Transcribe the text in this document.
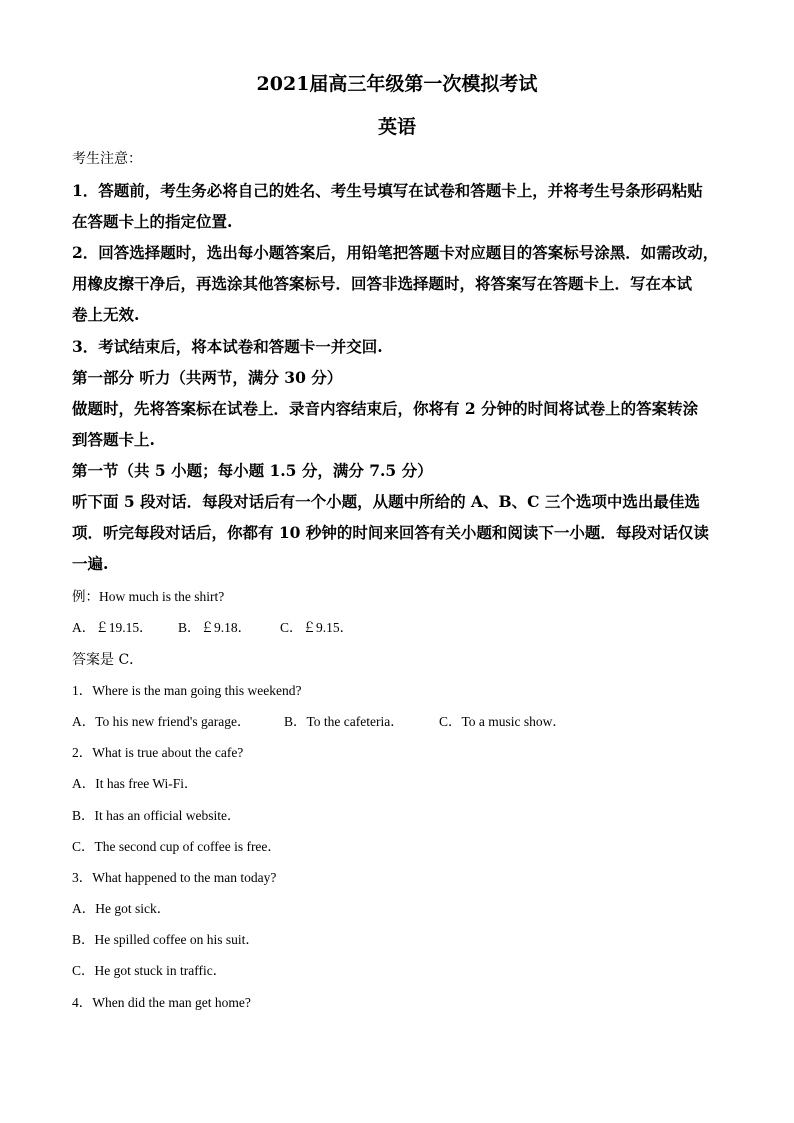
2021届高三年级第一次模拟考试
英语
考生注意：
1．答题前，考生务必将自己的姓名、考生号填写在试卷和答题卡上，并将考生号条形码粘贴
在答题卡上的指定位置.
2．回答选择题时，选出每小题答案后，用铅笔把答题卡对应题目的答案标号涂黑．如需改动，
用橡皮擦干净后，再选涂其他答案标号．回答非选择题时，将答案写在答题卡上．写在本试
卷上无效.
3．考试结束后，将本试卷和答题卡一并交回.
第一部分 听力（共两节，满分 30 分）
做题时，先将答案标在试卷上．录音内容结束后，你将有 2 分钟的时间将试卷上的答案转涂
到答题卡上.
第一节（共 5 小题；每小题 1.5 分，满分 7.5 分）
听下面 5 段对话．每段对话后有一个小题，从题中所给的 A、B、C 三个选项中选出最佳选
项．听完每段对话后，你都有 10 秒钟的时间来回答有关小题和阅读下一小题．每段对话仅读
一遍.
例：How much is the shirt?
A．￡19.15． B．￡9.18． C．￡9.15．
答案是 C．
1．Where is the man going this weekend?
A．To his new friend's garage． B．To the cafeteria．	C．To a music show．
2．What is true about the cafe?
A．It has free Wi-Fi．
B．It has an official website．
C．The second cup of coffee is free．
3．What happened to the man today?
A．He got sick．
B．He spilled coffee on his suit．
C．He got stuck in traffic．
4．When did the man get home?
